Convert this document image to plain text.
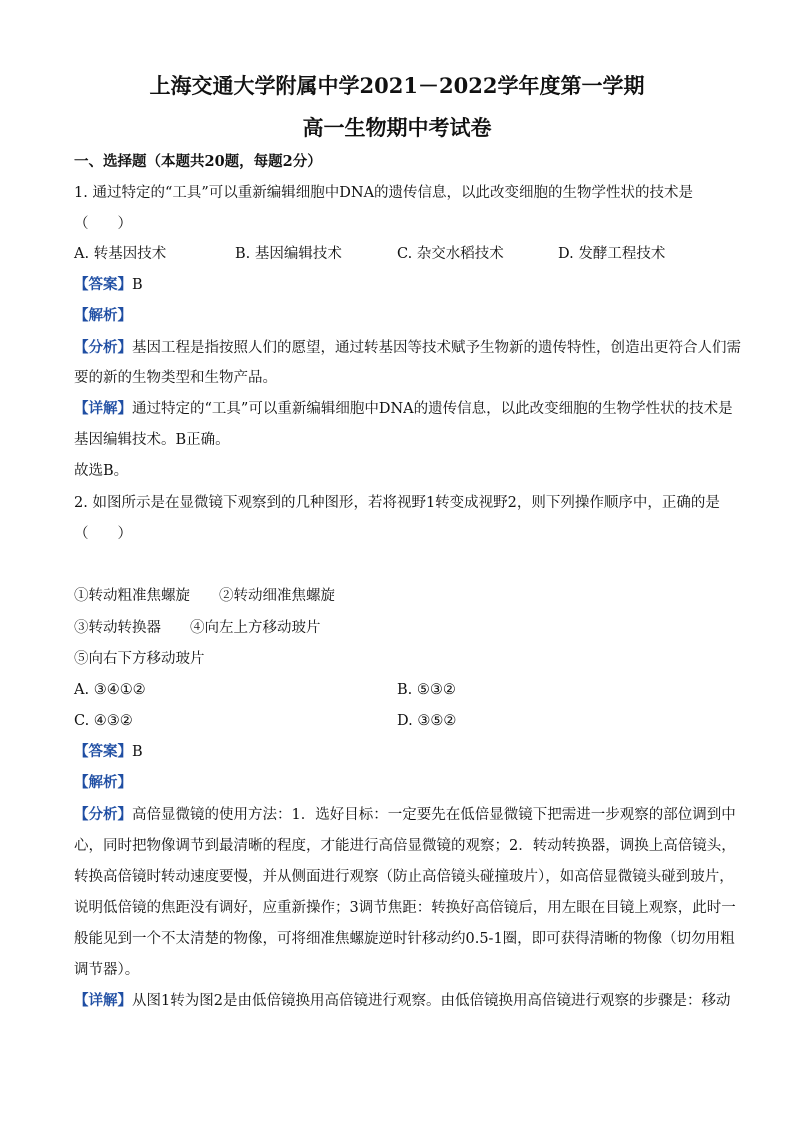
上海交通大学附属中学2021－2022学年度第一学期
高一生物期中考试卷
一、选择题（本题共20题，每题2分）
1. 通过特定的“工具”可以重新编辑细胞中DNA的遗传信息，以此改变细胞的生物学性状的技术是
（　　）
A. 转基因技术	B. 基因编辑技术	C. 杂交水稻技术	D. 发酵工程技术
【答案】B
【解析】
【分析】基因工程是指按照人们的愿望，通过转基因等技术赋予生物新的遗传特性，创造出更符合人们需
要的新的生物类型和生物产品。
【详解】通过特定的“工具”可以重新编辑细胞中DNA的遗传信息，以此改变细胞的生物学性状的技术是
基因编辑技术。B正确。
故选B。
2. 如图所示是在显微镜下观察到的几种图形，若将视野1转变成视野2，则下列操作顺序中，正确的是
（　　）
①转动粗准焦螺旋　　②转动细准焦螺旋
③转动转换器　　④向左上方移动玻片
⑤向右下方移动玻片
A. ③④①②	B. ⑤③②
C. ④③②	D. ③⑤②
【答案】B
【解析】
【分析】高倍显微镜的使用方法：1．选好目标：一定要先在低倍显微镜下把需进一步观察的部位调到中
心，同时把物像调节到最清晰的程度，才能进行高倍显微镜的观察；2．转动转换器，调换上高倍镜头，
转换高倍镜时转动速度要慢，并从侧面进行观察（防止高倍镜头碰撞玻片），如高倍显微镜头碰到玻片，
说明低倍镜的焦距没有调好，应重新操作；3调节焦距：转换好高倍镜后，用左眼在目镜上观察，此时一
般能见到一个不太清楚的物像，可将细准焦螺旋逆时针移动约0.5-1圈，即可获得清晰的物像（切勿用粗
调节器）。
【详解】从图1转为图2是由低倍镜换用高倍镜进行观察。由低倍镜换用高倍镜进行观察的步骤是：移动
